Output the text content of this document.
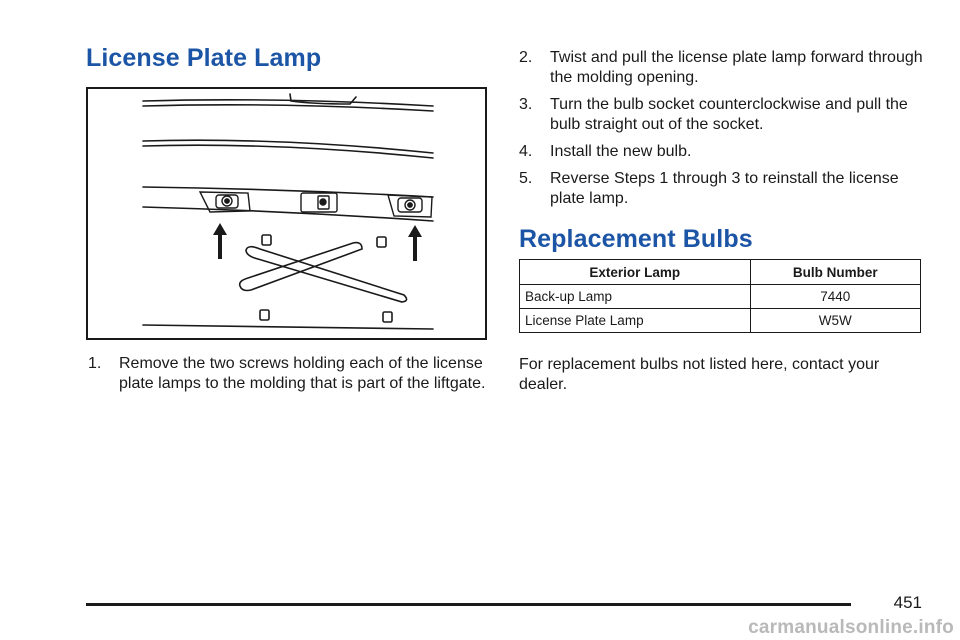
License Plate Lamp
1. Remove the two screws holding each of the license plate lamps to the molding that is part of the liftgate.
2. Twist and pull the license plate lamp forward through the molding opening.
3. Turn the bulb socket counterclockwise and pull the bulb straight out of the socket.
4. Install the new bulb.
5. Reverse Steps 1 through 3 to reinstall the license plate lamp.
Replacement Bulbs
Exterior Lamp	Bulb Number
Back-up Lamp	7440
License Plate Lamp	W5W

For replacement bulbs not listed here, contact your dealer.

451
carmanualsonline.info
